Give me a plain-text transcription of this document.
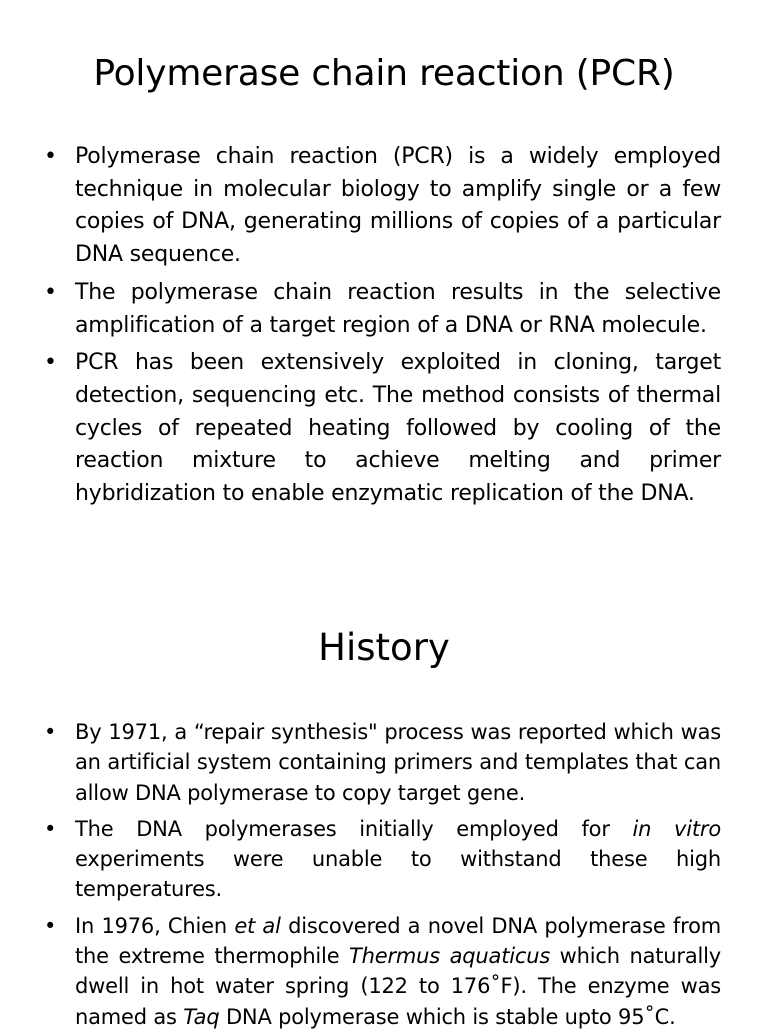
Polymerase chain reaction (PCR)
• Polymerase chain reaction (PCR) is a widely employed technique in molecular biology to amplify single or a few copies of DNA, generating millions of copies of a particular DNA sequence.
• The polymerase chain reaction results in the selective amplification of a target region of a DNA or RNA molecule.
• PCR has been extensively exploited in cloning, target detection, sequencing etc. The method consists of thermal cycles of repeated heating followed by cooling of the reaction mixture to achieve melting and primer hybridization to enable enzymatic replication of the DNA.
History
• By 1971, a “repair synthesis" process was reported which was an artificial system containing primers and templates that can allow DNA polymerase to copy target gene.
• The DNA polymerases initially employed for in vitro experiments were unable to withstand these high temperatures.
• In 1976, Chien et al discovered a novel DNA polymerase from the extreme thermophile Thermus aquaticus which naturally dwell in hot water spring (122 to 176˚F). The enzyme was named as Taq DNA polymerase which is stable upto 95˚C.
